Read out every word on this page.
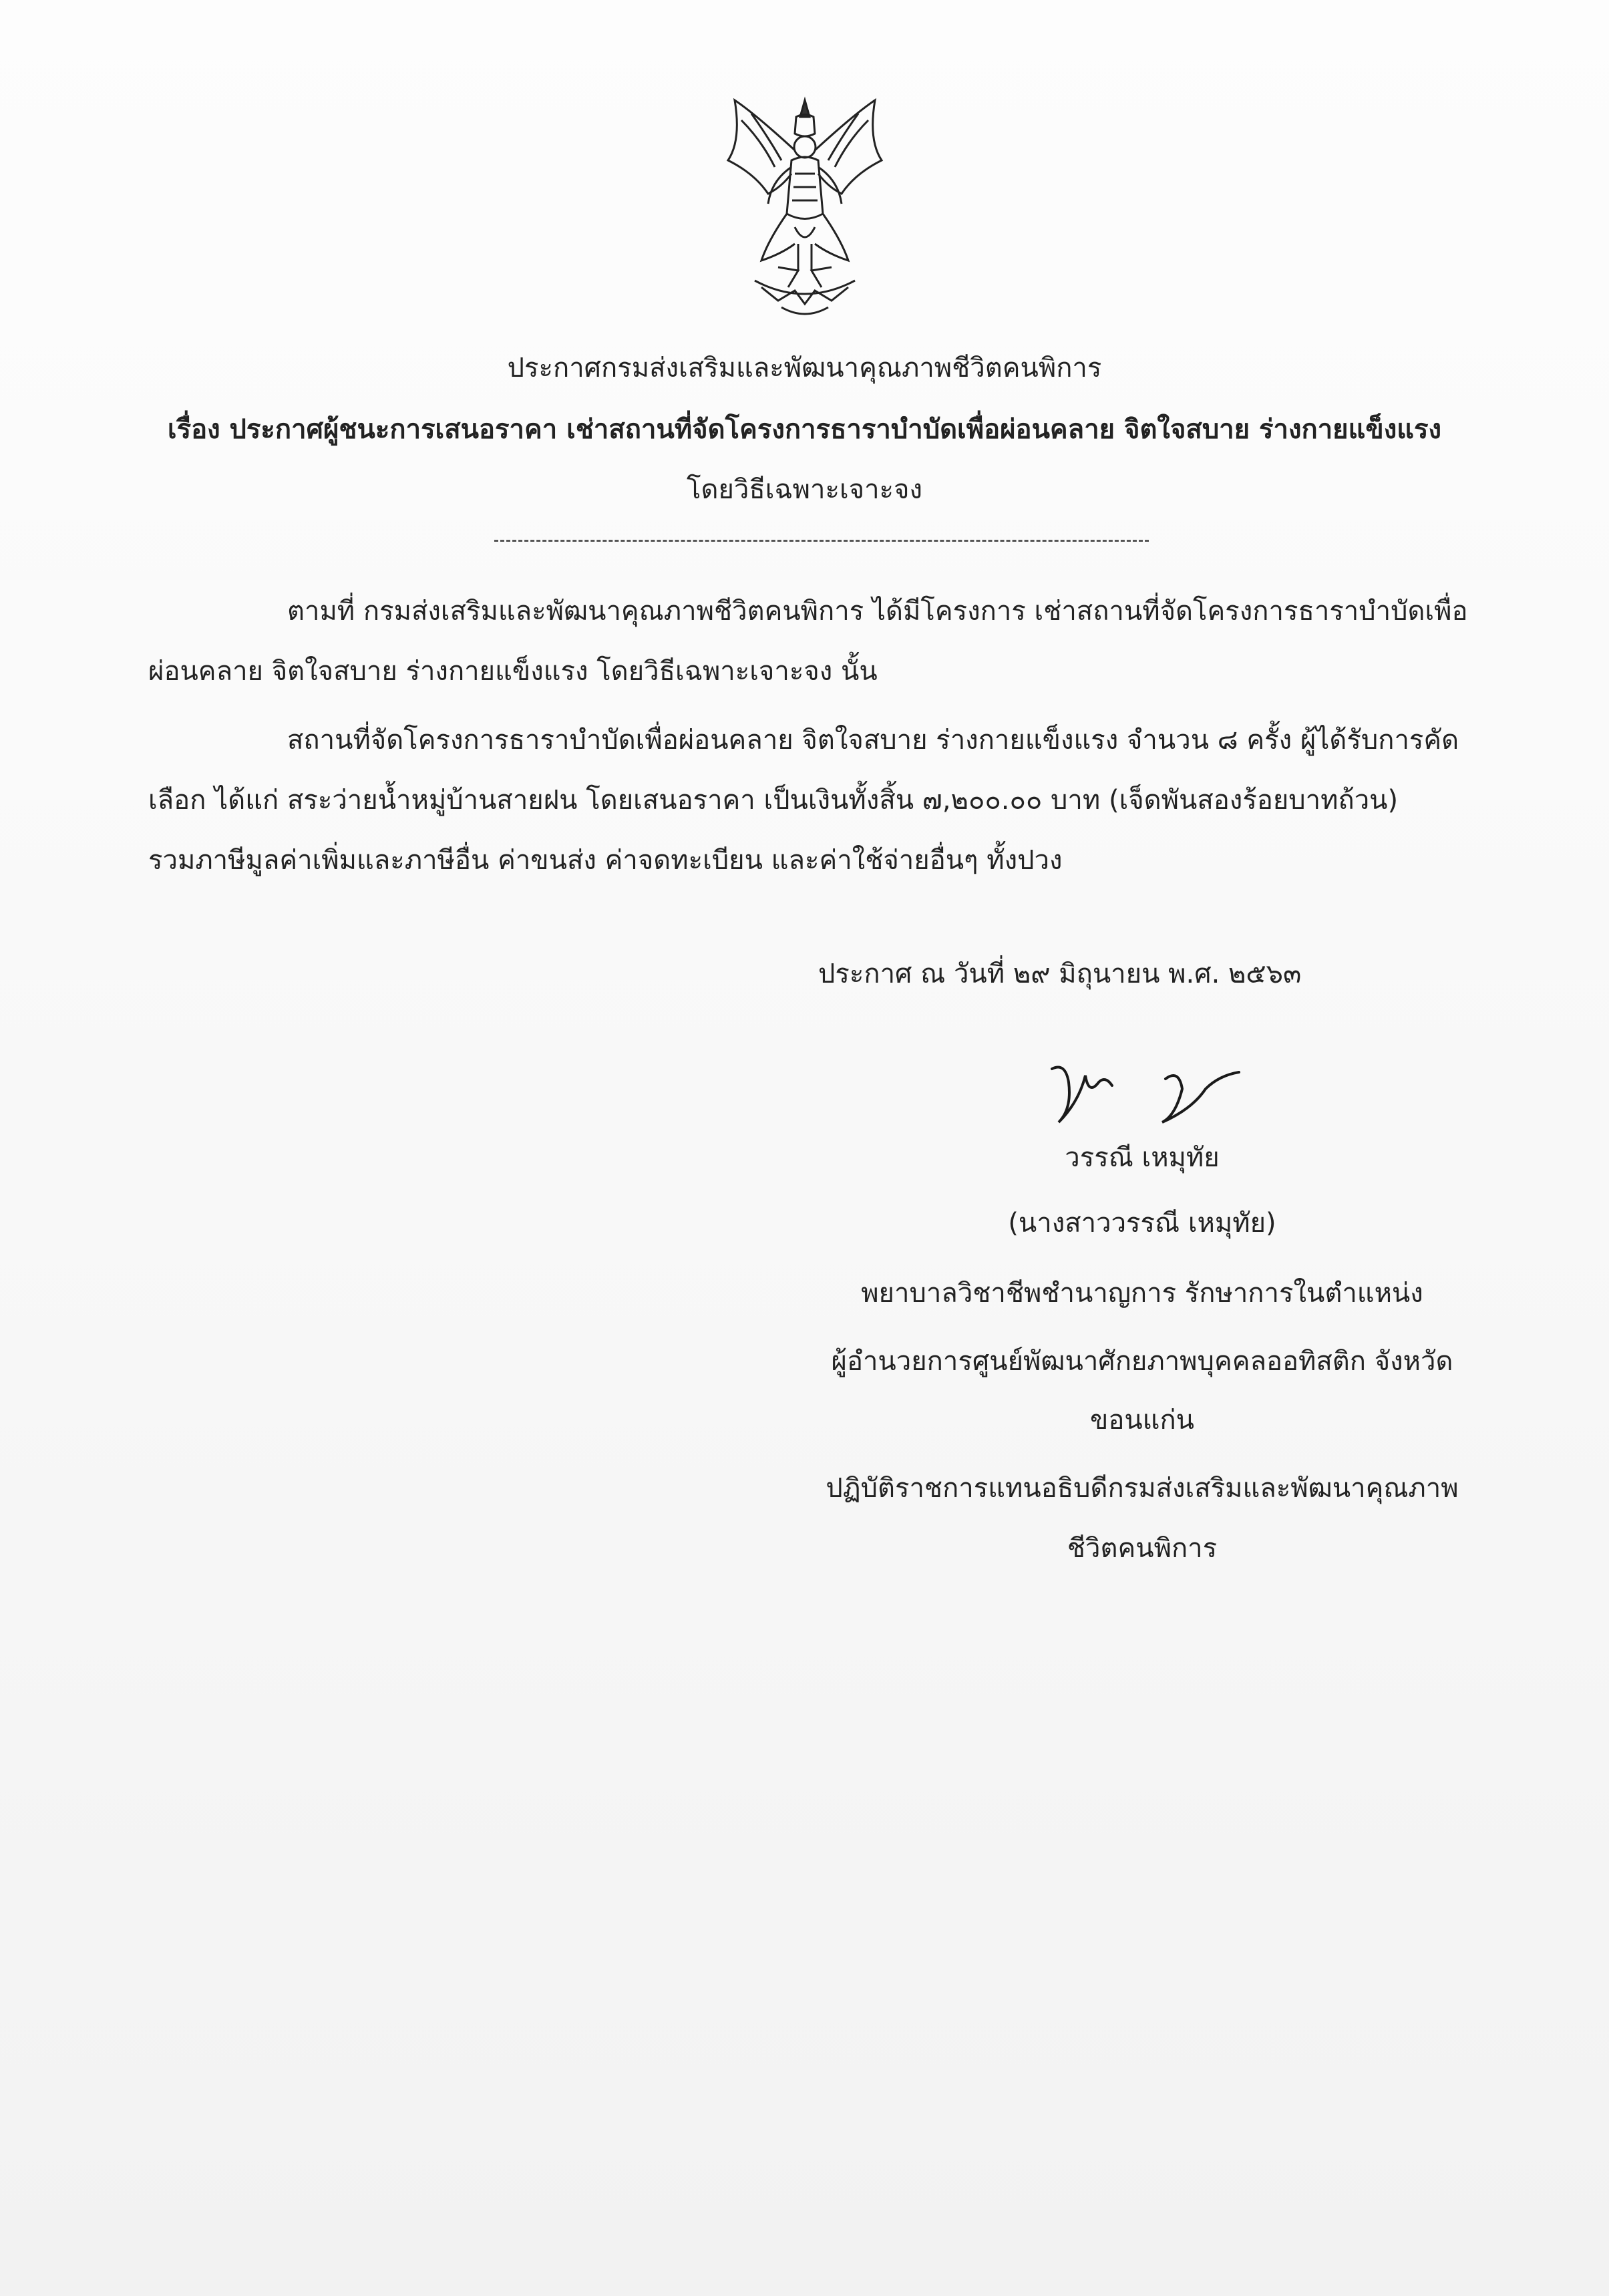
ประกาศกรมส่งเสริมและพัฒนาคุณภาพชีวิตคนพิการ
เรื่อง ประกาศผู้ชนะการเสนอราคา เช่าสถานที่จัดโครงการธาราบำบัดเพื่อผ่อนคลาย จิตใจสบาย ร่างกายแข็งแรง
โดยวิธีเฉพาะเจาะจง
ตามที่ กรมส่งเสริมและพัฒนาคุณภาพชีวิตคนพิการ ได้มีโครงการ เช่าสถานที่จัดโครงการธาราบำบัดเพื่อ
ผ่อนคลาย จิตใจสบาย ร่างกายแข็งแรง โดยวิธีเฉพาะเจาะจง นั้น
สถานที่จัดโครงการธาราบำบัดเพื่อผ่อนคลาย จิตใจสบาย ร่างกายแข็งแรง จำนวน ๘ ครั้ง ผู้ได้รับการคัด
เลือก ได้แก่ สระว่ายน้ำหมู่บ้านสายฝน โดยเสนอราคา เป็นเงินทั้งสิ้น ๗,๒๐๐.๐๐ บาท (เจ็ดพันสองร้อยบาทถ้วน)
รวมภาษีมูลค่าเพิ่มและภาษีอื่น ค่าขนส่ง ค่าจดทะเบียน และค่าใช้จ่ายอื่นๆ ทั้งปวง
ประกาศ ณ วันที่ ๒๙ มิถุนายน พ.ศ. ๒๕๖๓
วรรณี เหมุทัย
(นางสาววรรณี เหมุทัย)
พยาบาลวิชาชีพชำนาญการ รักษาการในตำแหน่ง
ผู้อำนวยการศูนย์พัฒนาศักยภาพบุคคลออทิสติก จังหวัด
ขอนแก่น
ปฏิบัติราชการแทนอธิบดีกรมส่งเสริมและพัฒนาคุณภาพ
ชีวิตคนพิการ
